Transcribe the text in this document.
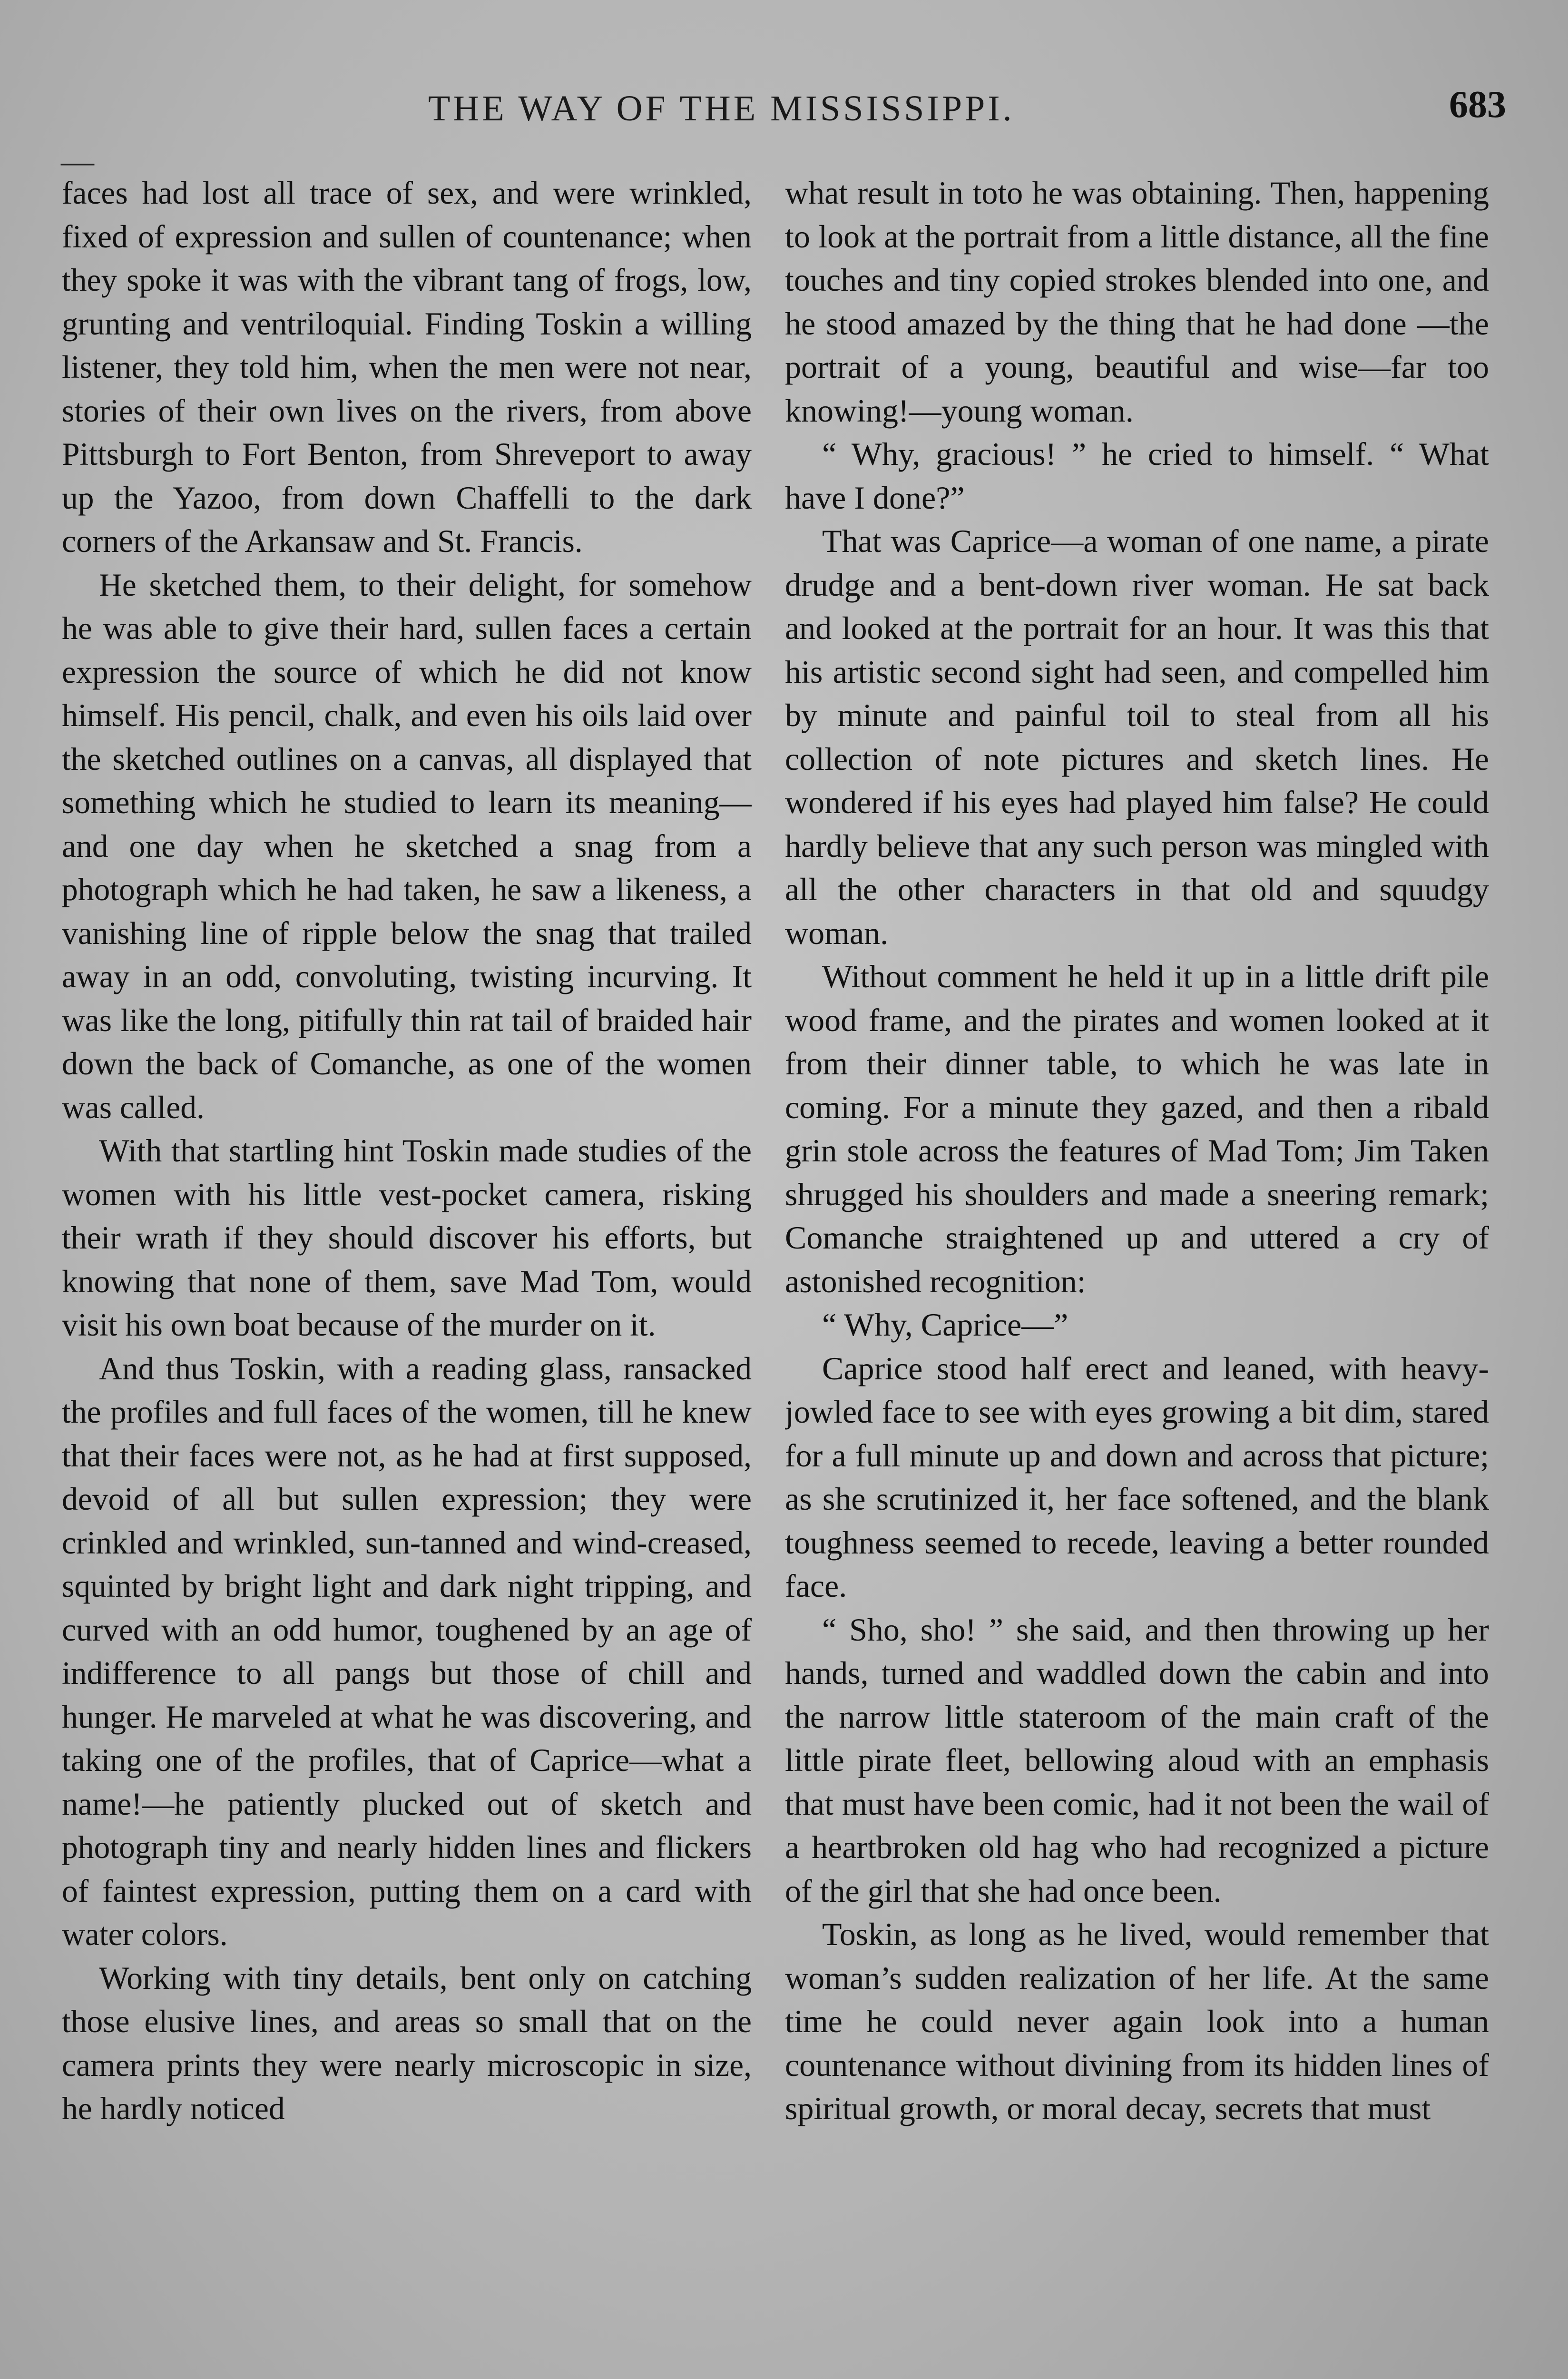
THE WAY OF THE MISSISSIPPI.	683
—

faces had lost all trace of sex, and were wrinkled, fixed of expression and sullen of countenance; when they spoke it was with the vibrant tang of frogs, low, grunting and ventriloquial. Finding Toskin a willing listener, they told him, when the men were not near, stories of their own lives on the rivers, from above Pittsburgh to Fort Benton, from Shreveport to away up the Yazoo, from down Chaffelli to the dark corners of the Arkansaw and St. Francis.

He sketched them, to their delight, for somehow he was able to give their hard, sullen faces a certain expression the source of which he did not know himself. His pencil, chalk, and even his oils laid over the sketched outlines on a canvas, all displayed that something which he studied to learn its meaning—and one day when he sketched a snag from a photograph which he had taken, he saw a likeness, a vanishing line of ripple below the snag that trailed away in an odd, convoluting, twisting incurving. It was like the long, pitifully thin rat tail of braided hair down the back of Comanche, as one of the women was called.

With that startling hint Toskin made studies of the women with his little vest-pocket camera, risking their wrath if they should discover his efforts, but knowing that none of them, save Mad Tom, would visit his own boat because of the murder on it.

And thus Toskin, with a reading glass, ransacked the profiles and full faces of the women, till he knew that their faces were not, as he had at first supposed, devoid of all but sullen expression; they were crinkled and wrinkled, sun-tanned and wind-creased, squinted by bright light and dark night tripping, and curved with an odd humor, toughened by an age of indifference to all pangs but those of chill and hunger. He marveled at what he was discovering, and taking one of the profiles, that of Caprice—what a name!—he patiently plucked out of sketch and photograph tiny and nearly hidden lines and flickers of faintest expression, putting them on a card with water colors.

Working with tiny details, bent only on catching those elusive lines, and areas so small that on the camera prints they were nearly microscopic in size, he hardly noticed

what result in toto he was obtaining. Then, happening to look at the portrait from a little distance, all the fine touches and tiny copied strokes blended into one, and he stood amazed by the thing that he had done —the portrait of a young, beautiful and wise—far too knowing!—young woman.

“ Why, gracious! ” he cried to himself. “ What have I done?”

That was Caprice—a woman of one name, a pirate drudge and a bent-down river woman. He sat back and looked at the portrait for an hour. It was this that his artistic second sight had seen, and compelled him by minute and painful toil to steal from all his collection of note pictures and sketch lines. He wondered if his eyes had played him false? He could hardly believe that any such person was mingled with all the other characters in that old and squudgy woman.

Without comment he held it up in a little drift pile wood frame, and the pirates and women looked at it from their dinner table, to which he was late in coming. For a minute they gazed, and then a ribald grin stole across the features of Mad Tom; Jim Taken shrugged his shoulders and made a sneering remark; Comanche straightened up and uttered a cry of astonished recognition:

“ Why, Caprice—”

Caprice stood half erect and leaned, with heavy-jowled face to see with eyes growing a bit dim, stared for a full minute up and down and across that picture; as she scrutinized it, her face softened, and the blank toughness seemed to recede, leaving a better rounded face.

“ Sho, sho! ” she said, and then throwing up her hands, turned and waddled down the cabin and into the narrow little stateroom of the main craft of the little pirate fleet, bellowing aloud with an emphasis that must have been comic, had it not been the wail of a heartbroken old hag who had recognized a picture of the girl that she had once been.

Toskin, as long as he lived, would remember that woman’s sudden realization of her life. At the same time he could never again look into a human countenance without divining from its hidden lines of spiritual growth, or moral decay, secrets that must
